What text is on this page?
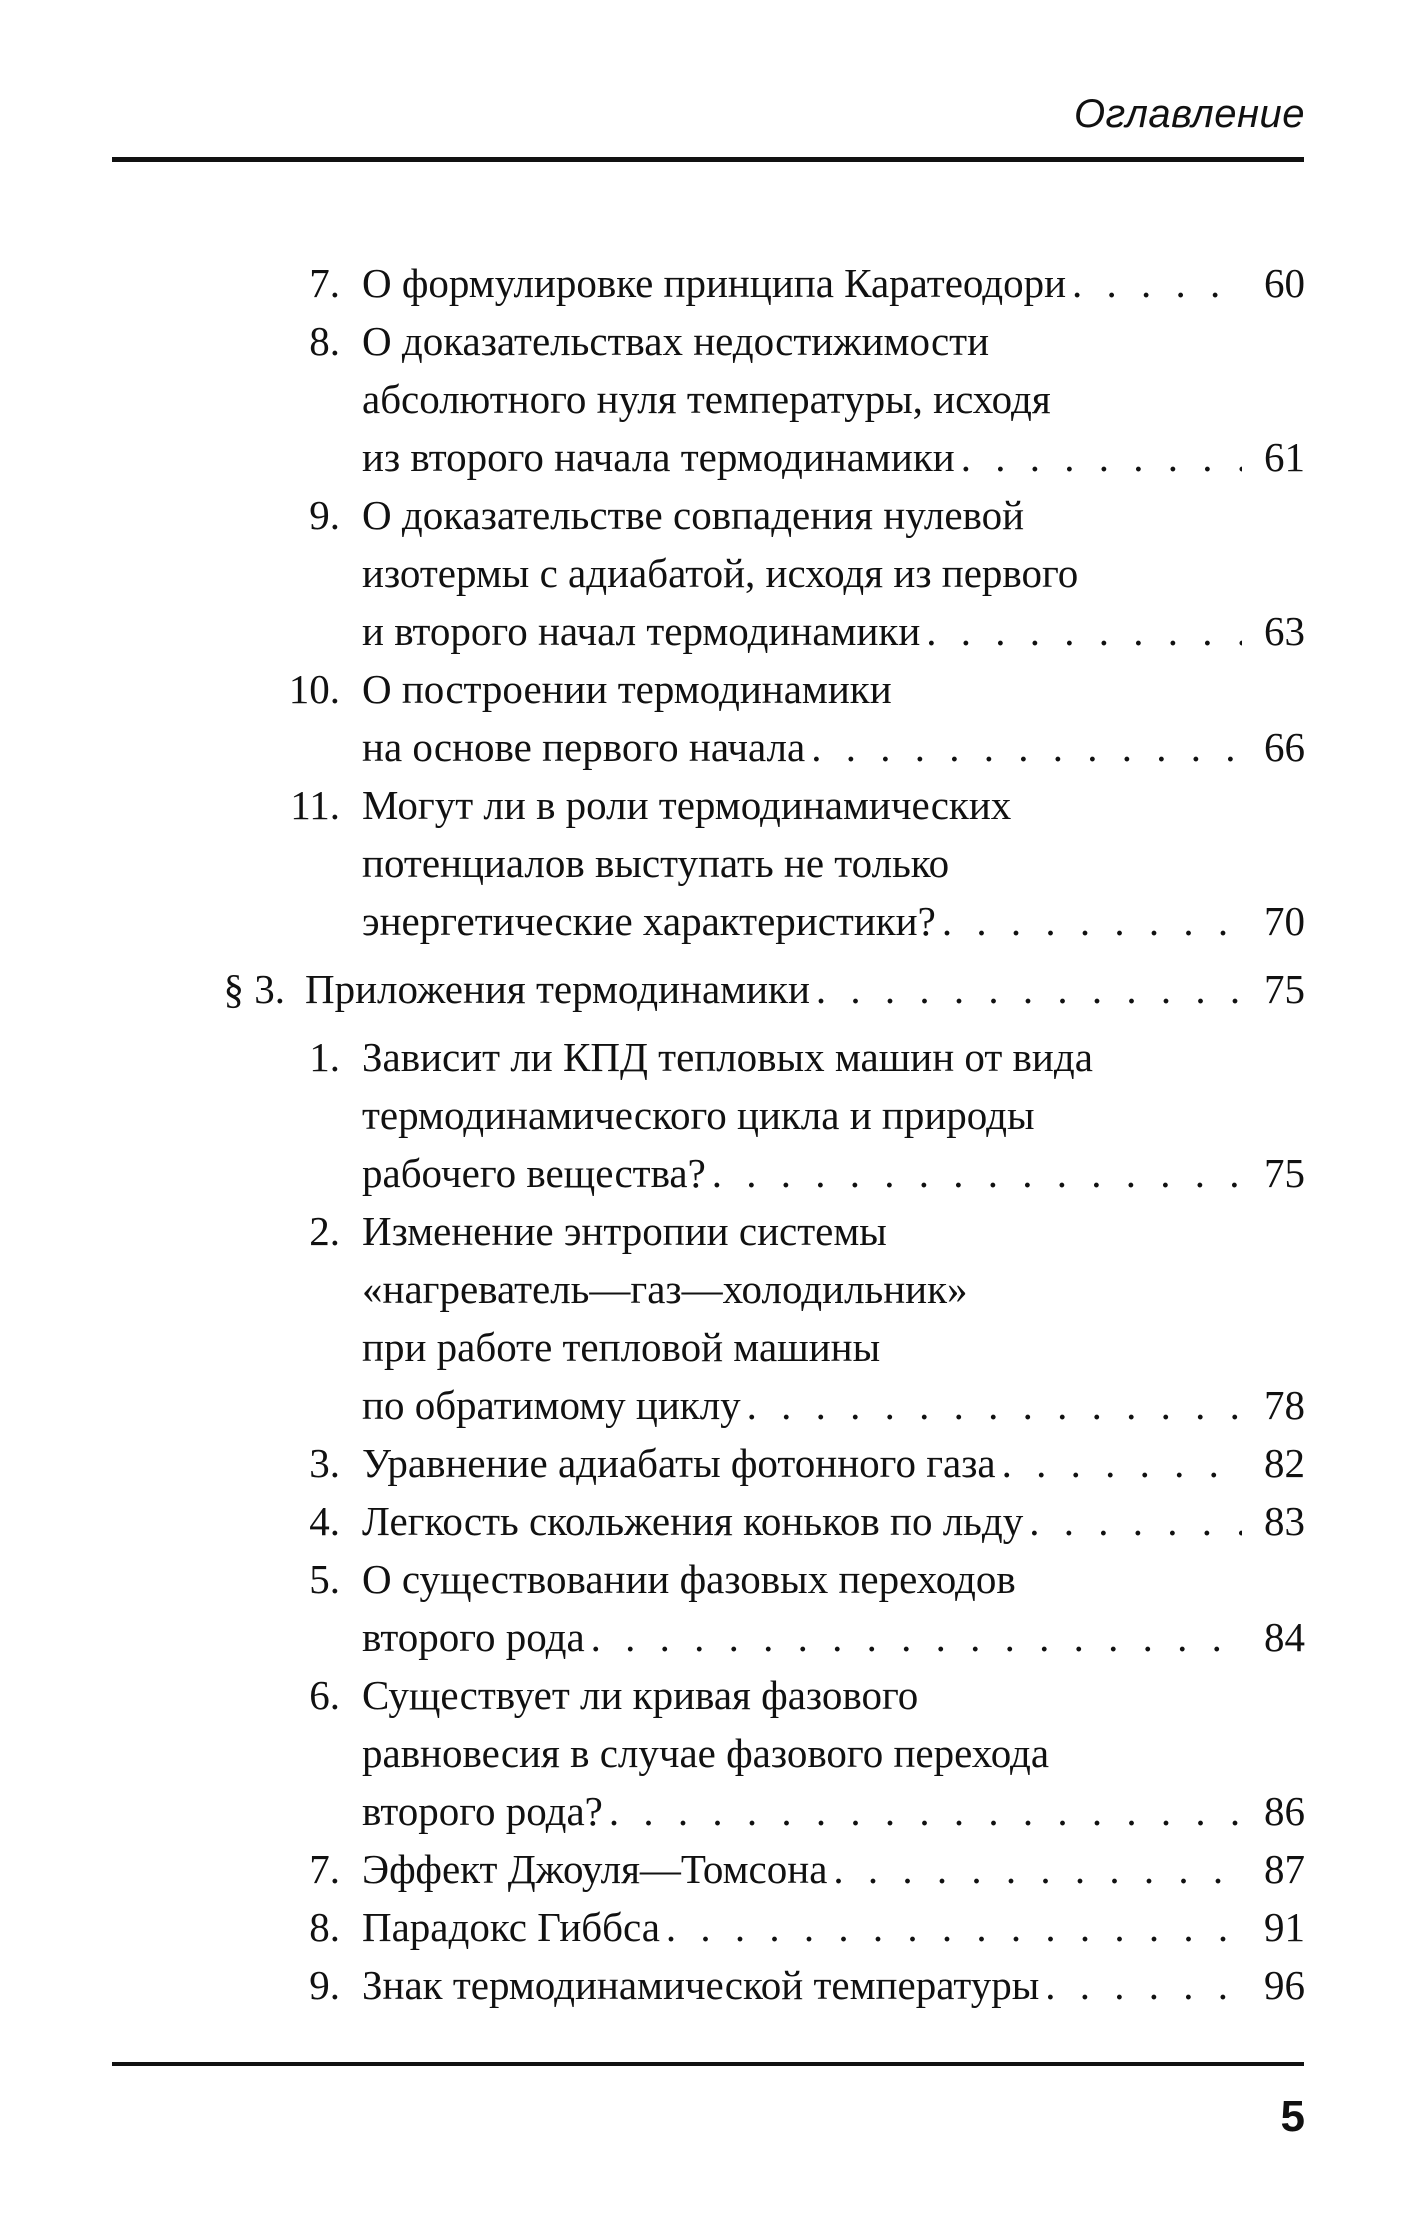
Оглавление
7. О формулировке принципа Каратеодори . . .	60
8. О доказательствах недостижимости
абсолютного нуля температуры, исходя
из второго начала термодинамики . . .	61
9. О доказательстве совпадения нулевой
изотермы с адиабатой, исходя из первого
и второго начал термодинамики . . .	63
10. О построении термодинамики
на основе первого начала . . .	66
11. Могут ли в роли термодинамических
потенциалов выступать не только
энергетические характеристики? . . .	70
§ 3. Приложения термодинамики . . .	75
1. Зависит ли КПД тепловых машин от вида
термодинамического цикла и природы
рабочего вещества? . . .	75
2. Изменение энтропии системы
«нагреватель—газ—холодильник»
при работе тепловой машины
по обратимому циклу . . .	78
3. Уравнение адиабаты фотонного газа . . .	82
4. Легкость скольжения коньков по льду . . .	83
5. О существовании фазовых переходов
второго рода . . .	84
6. Существует ли кривая фазового
равновесия в случае фазового перехода
второго рода? . . .	86
7. Эффект Джоуля—Томсона . . .	87
8. Парадокс Гиббса . . .	91
9. Знак термодинамической температуры . . .	96
5
